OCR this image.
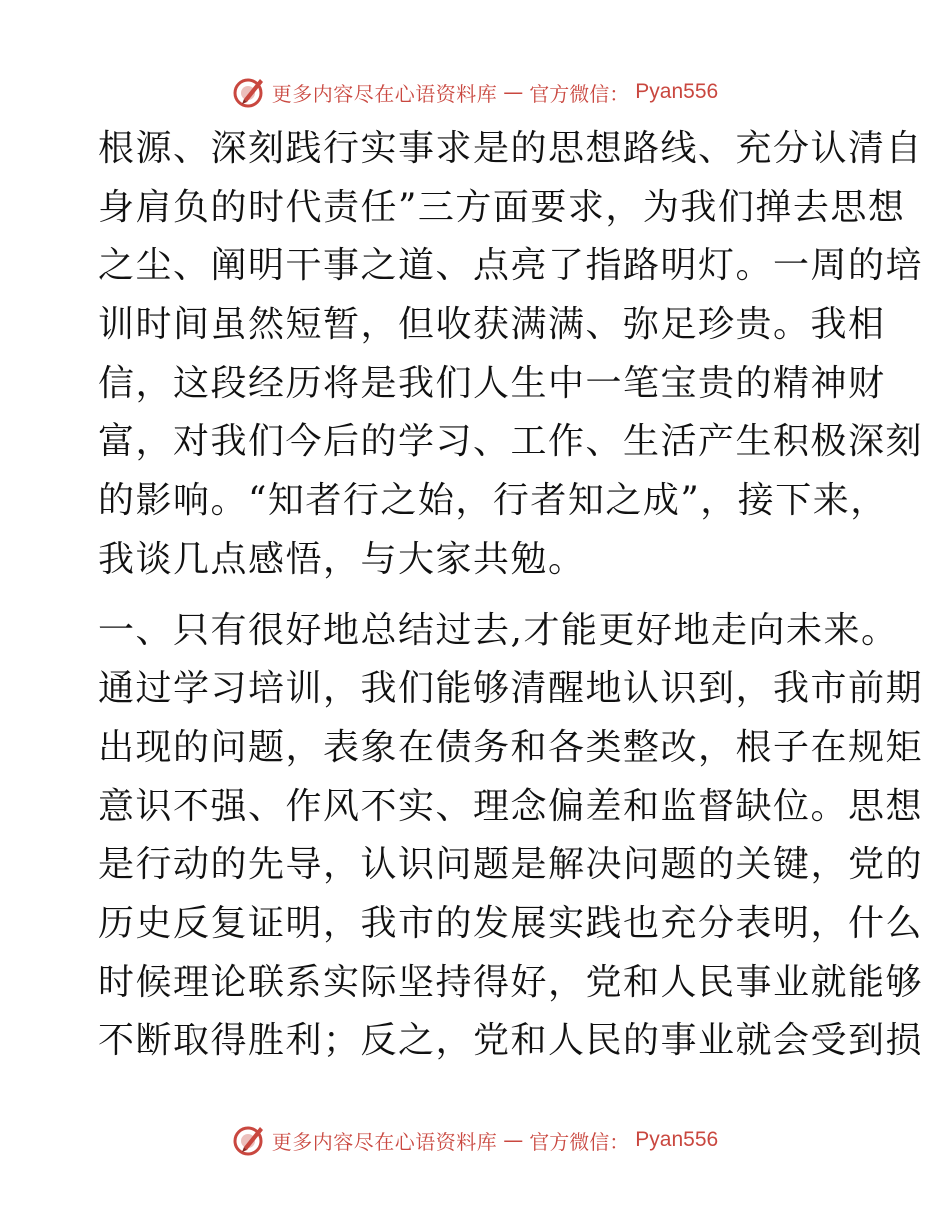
更多内容尽在心语资料库 — 官方微信： Pyan556
根源、深刻践行实事求是的思想路线、充分认清自
身肩负的时代责任”三方面要求，为我们掸去思想
之尘、阐明干事之道、点亮了指路明灯。一周的培
训时间虽然短暂，但收获满满、弥足珍贵。我相
信，这段经历将是我们人生中一笔宝贵的精神财
富，对我们今后的学习、工作、生活产生积极深刻
的影响。“知者行之始，行者知之成”，接下来，
我谈几点感悟，与大家共勉。
一、只有很好地总结过去,才能更好地走向未来。
通过学习培训，我们能够清醒地认识到，我市前期
出现的问题，表象在债务和各类整改，根子在规矩
意识不强、作风不实、理念偏差和监督缺位。思想
是行动的先导，认识问题是解决问题的关键，党的
历史反复证明，我市的发展实践也充分表明，什么
时候理论联系实际坚持得好，党和人民事业就能够
不断取得胜利；反之，党和人民的事业就会受到损
更多内容尽在心语资料库 — 官方微信： Pyan556
